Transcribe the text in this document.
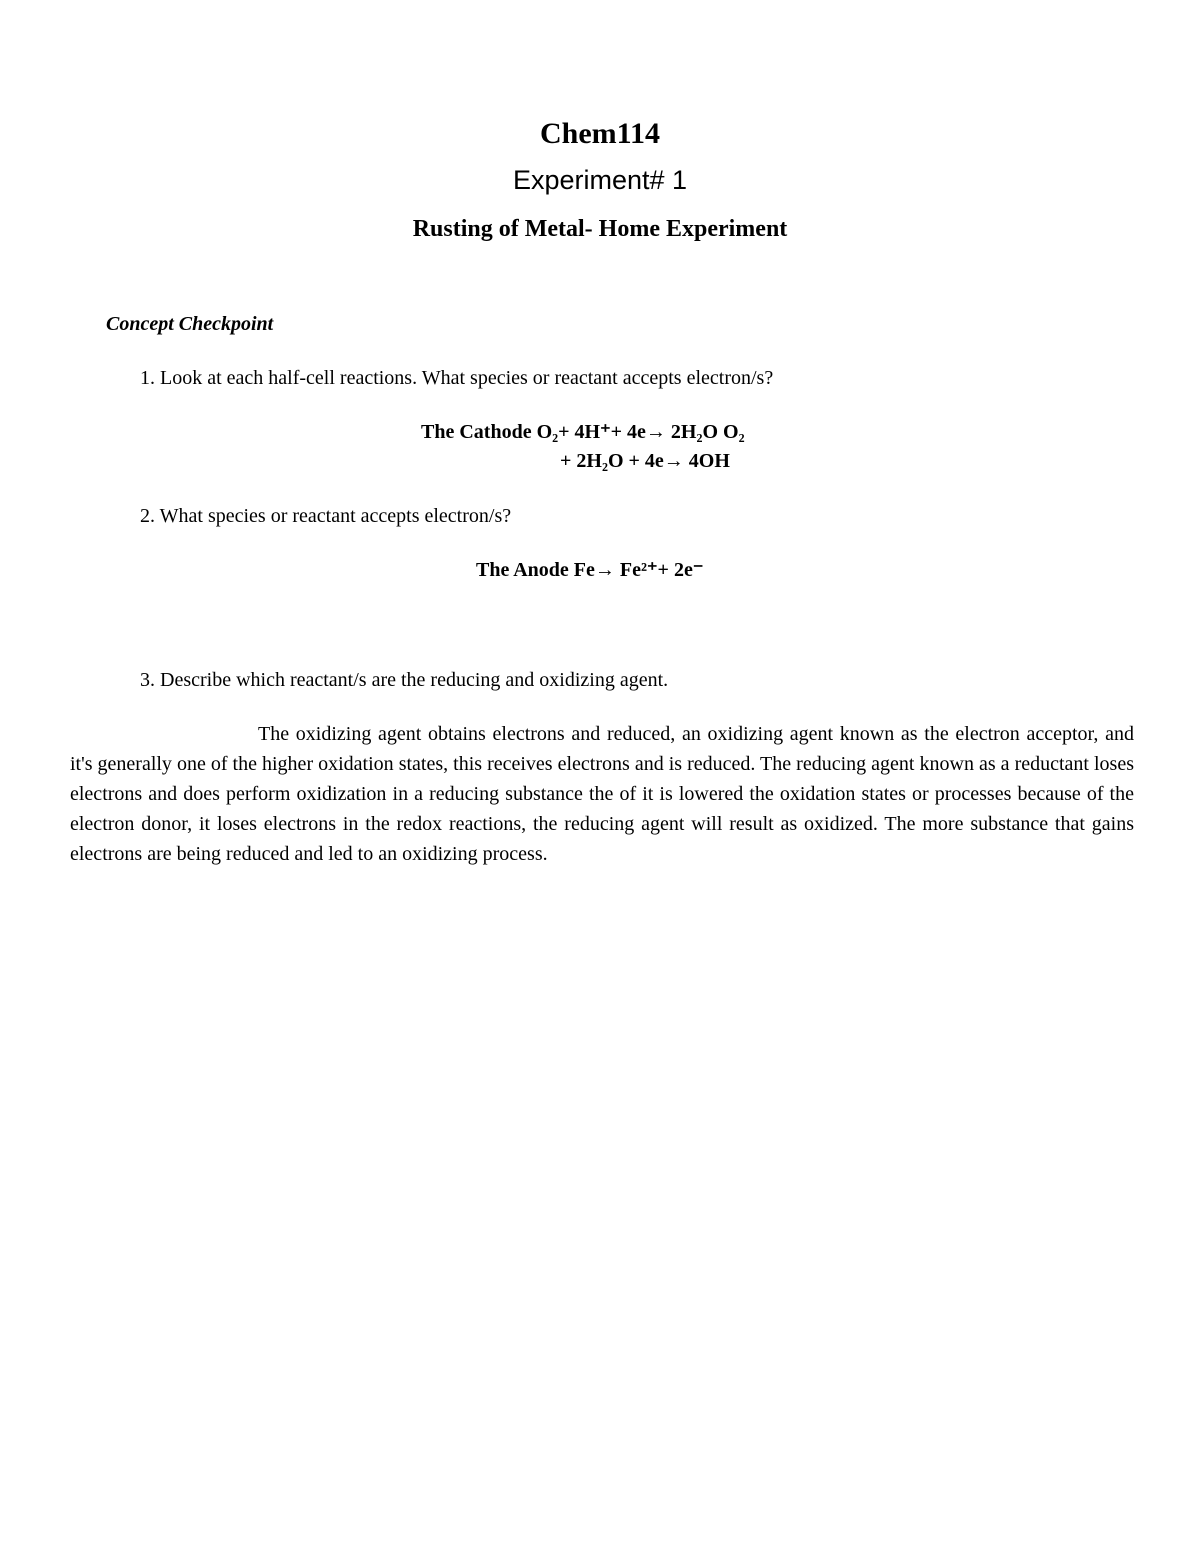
Chem114
Experiment# 1
Rusting of Metal- Home Experiment
Concept Checkpoint
1. Look at each half-cell reactions. What species or reactant accepts electron/s?
The Cathode O₂+ 4H⁺+ 4e→ 2H₂O O₂
+ 2H₂O + 4e→ 4OH
2. What species or reactant accepts electron/s?
The Anode Fe→ Fe²⁺+ 2e⁻
3. Describe which reactant/s are the reducing and oxidizing agent.

The oxidizing agent obtains electrons and reduced, an oxidizing agent known as the electron acceptor, and it's generally one of the higher oxidation states, this receives electrons and is reduced. The reducing agent known as a reductant loses electrons and does perform oxidization in a reducing substance the of it is lowered the oxidation states or processes because of the electron donor, it loses electrons in the redox reactions, the reducing agent will result as oxidized. The more substance that gains electrons are being reduced and led to an oxidizing process.
